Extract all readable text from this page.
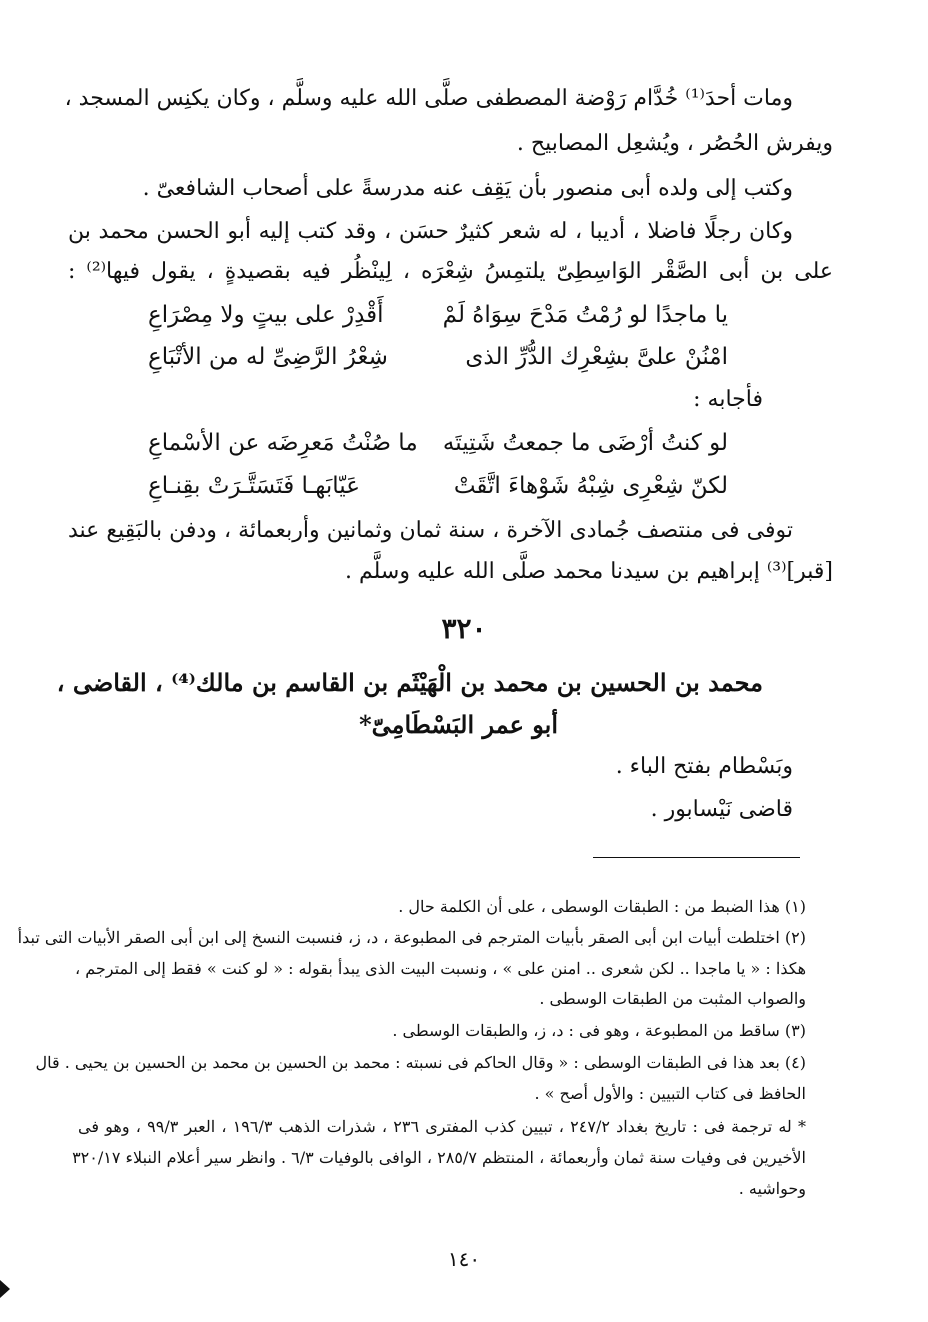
ومات أحدَ⁽¹⁾ خُدَّام رَوْضة المصطفى صلَّى الله عليه وسلَّم ، وكان يكنِس المسجد ،
ويفرش الحُصُر ، ويُشعِل المصابيح .
وكتب إلى ولده أبى منصور بأن يَقِف عنه مدرسةً على أصحاب الشافعىّ .
وكان رجلًا فاضلا ، أديبا ، له شعر كثيرٌ حسَن ، وقد كتب إليه أبو الحسن محمد بن
على بن أبى الصَّقْر الوَاسِطِىّ يلتمِسُ شِعْرَه ، لِينْظُر فيه بقصيدةٍ ، يقول فيها⁽²⁾ :
يا ماجدًا لو رُمْتُ مَدْحَ سِوَاهُ لَمْ
أَقْدِرْ على بيتٍ ولا مِصْرَاعِ
امْنُنْ علىَّ بشِعْرِك الدُّرِّ الذى
شِعْرُ الرَّضِىِّ له من الأتْبَاعِ
فأجابه :
لو كنتُ أرْضَى ما جمعتُ شَتِيتَه
ما صُنْتُ مَعرِضَه عن الأسْماعِ
لكنّ شِعْرِى شِبْهُ شَوْهاءَ اتَّقَتْ
عَيّابَهـا فَتَسَتَّـرَتْ بقِنـاعِ
توفى فى منتصف جُمادى الآخرة ، سنة ثمان وثمانين وأربعمائة ، ودفن بالبَقِيع عند
[قبر]⁽³⁾ إبراهيم بن سيدنا محمد صلَّى الله عليه وسلَّم .
٣٢٠
محمد بن الحسين بن محمد بن الْهَيْثَم بن القاسم بن مالك⁽⁴⁾ ، القاضى ،
أبو عمر البَسْطَامِىّ*
وبَسْطام بفتح الباء .
قاضى نَيْسابور .
(١) هذا الضبط من : الطبقات الوسطى ، على أن الكلمة حال .
(٢) اختلطت أبيات ابن أبى الصقر بأبيات المترجم فى المطبوعة ، د، ز، فنسبت النسخ إلى ابن أبى الصقر الأبيات التى تبدأ
هكذا : « يا ماجدا .. لكن شعرى .. امنن على » ، ونسبت البيت الذى يبدأ بقوله : « لو كنت » فقط إلى المترجم ،
والصواب المثبت من الطبقات الوسطى .
(٣) ساقط من المطبوعة ، وهو فى : د، ز، والطبقات الوسطى .
(٤) بعد هذا فى الطبقات الوسطى : « وقال الحاكم فى نسبته : محمد بن الحسين بن محمد بن الحسين بن يحيى . قال
الحافظ فى كتاب التبيين : والأول أصح » .
* له ترجمة فى : تاريخ بغداد ٢٤٧/٢ ، تبيين كذب المفترى ٢٣٦ ، شذرات الذهب ١٩٦/٣ ، العبر ٩٩/٣ ، وهو فى
الأخيرين فى وفيات سنة ثمان وأربعمائة ، المنتظم ٢٨٥/٧ ، الوافى بالوفيات ٦/٣ . وانظر سير أعلام النبلاء ٣٢٠/١٧
وحواشيه .
١٤٠
